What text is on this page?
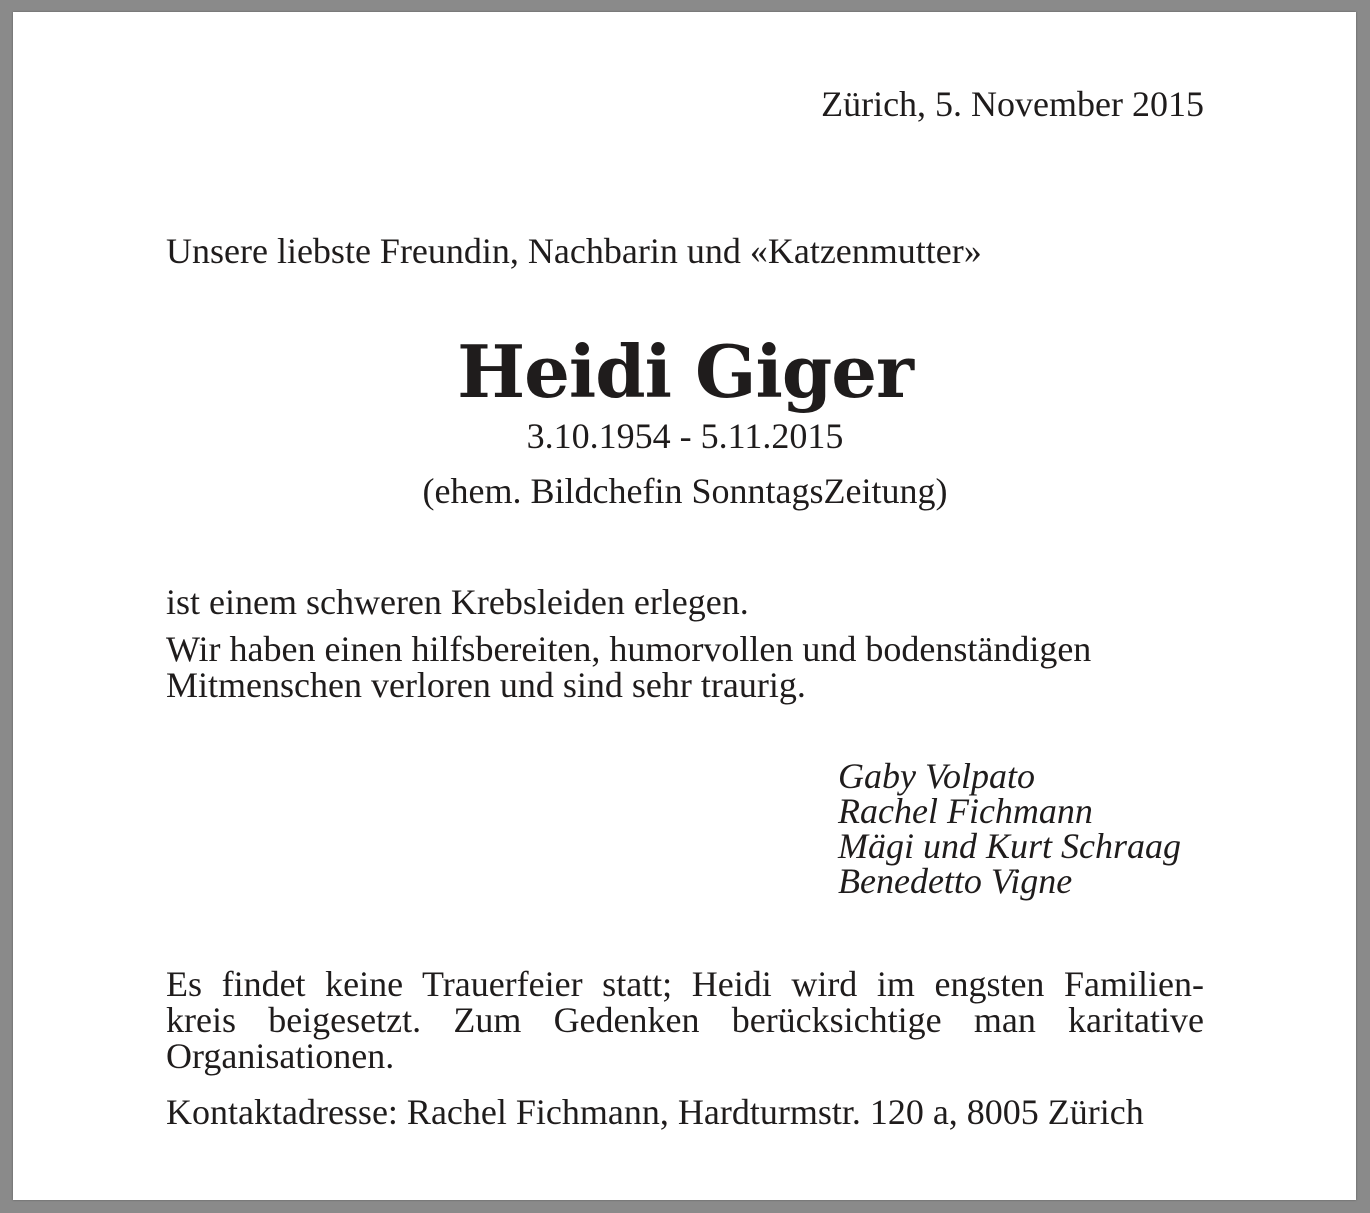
Zürich, 5. November 2015
Unsere liebste Freundin, Nachbarin und «Katzenmutter»
Heidi Giger
3.10.1954 - 5.11.2015
(ehem. Bildchefin SonntagsZeitung)
ist einem schweren Krebsleiden erlegen.
Wir haben einen hilfsbereiten, humorvollen und bodenständigen
Mitmenschen verloren und sind sehr traurig.
Gaby Volpato
Rachel Fichmann
Mägi und Kurt Schraag
Benedetto Vigne
Es findet keine Trauerfeier statt; Heidi wird im engsten Familien-
kreis beigesetzt. Zum Gedenken berücksichtige man karitative
Organisationen.
Kontaktadresse: Rachel Fichmann, Hardturmstr. 120 a, 8005 Zürich
